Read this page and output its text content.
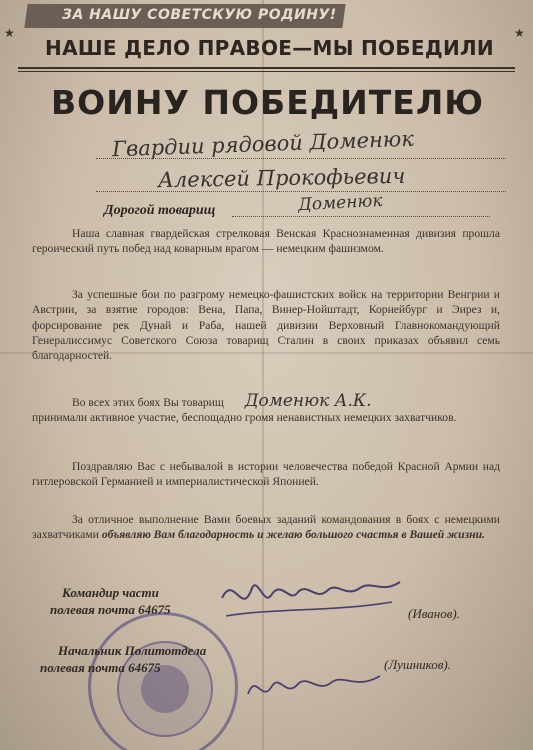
ЗА НАШУ СОВЕТСКУЮ РОДИНУ!
★	★
НАШЕ ДЕЛО ПРАВОЕ—МЫ ПОБЕДИЛИ
ВОИНУ ПОБЕДИТЕЛЮ
Гвардии рядовой Доменюк
Алексей Прокофьевич
Дорогой товарищ	Доменюк
Наша славная гвардейская стрелковая Венская Краснознаменная дивизия прошла героический путь побед над коварным врагом — немецким фашизмом.
За успешные бои по разгрому немецко-фашистских войск на территории Венгрии и Австрии, за взятие городов: Вена, Папа, Винер-Нойштадт, Корнейбург и Эирез и, форсирование рек Дунай и Раба, нашей дивизии Верховный Главнокомандующий Генералиссимус Советского Союза товарищ Сталин в своих приказах объявил семь благодарностей.
Во всех этих боях Вы товарищ Доменюк А.К.
принимали активное участие, беспощадно громя ненавистных немецких захватчиков.
Поздравляю Вас с небывалой в истории человечества победой Красной Армии над гитлеровской Германией и империалистической Японией.
За отличное выполнение Вами боевых заданий командования в боях с немецкими захватчиками объявляю Вам благодарность и желаю большого счастья в Вашей жизни.
Командир части
полевая почта 64675	(Иванов).
Начальник Политотдела
полевая почта 64675	(Лушников).
